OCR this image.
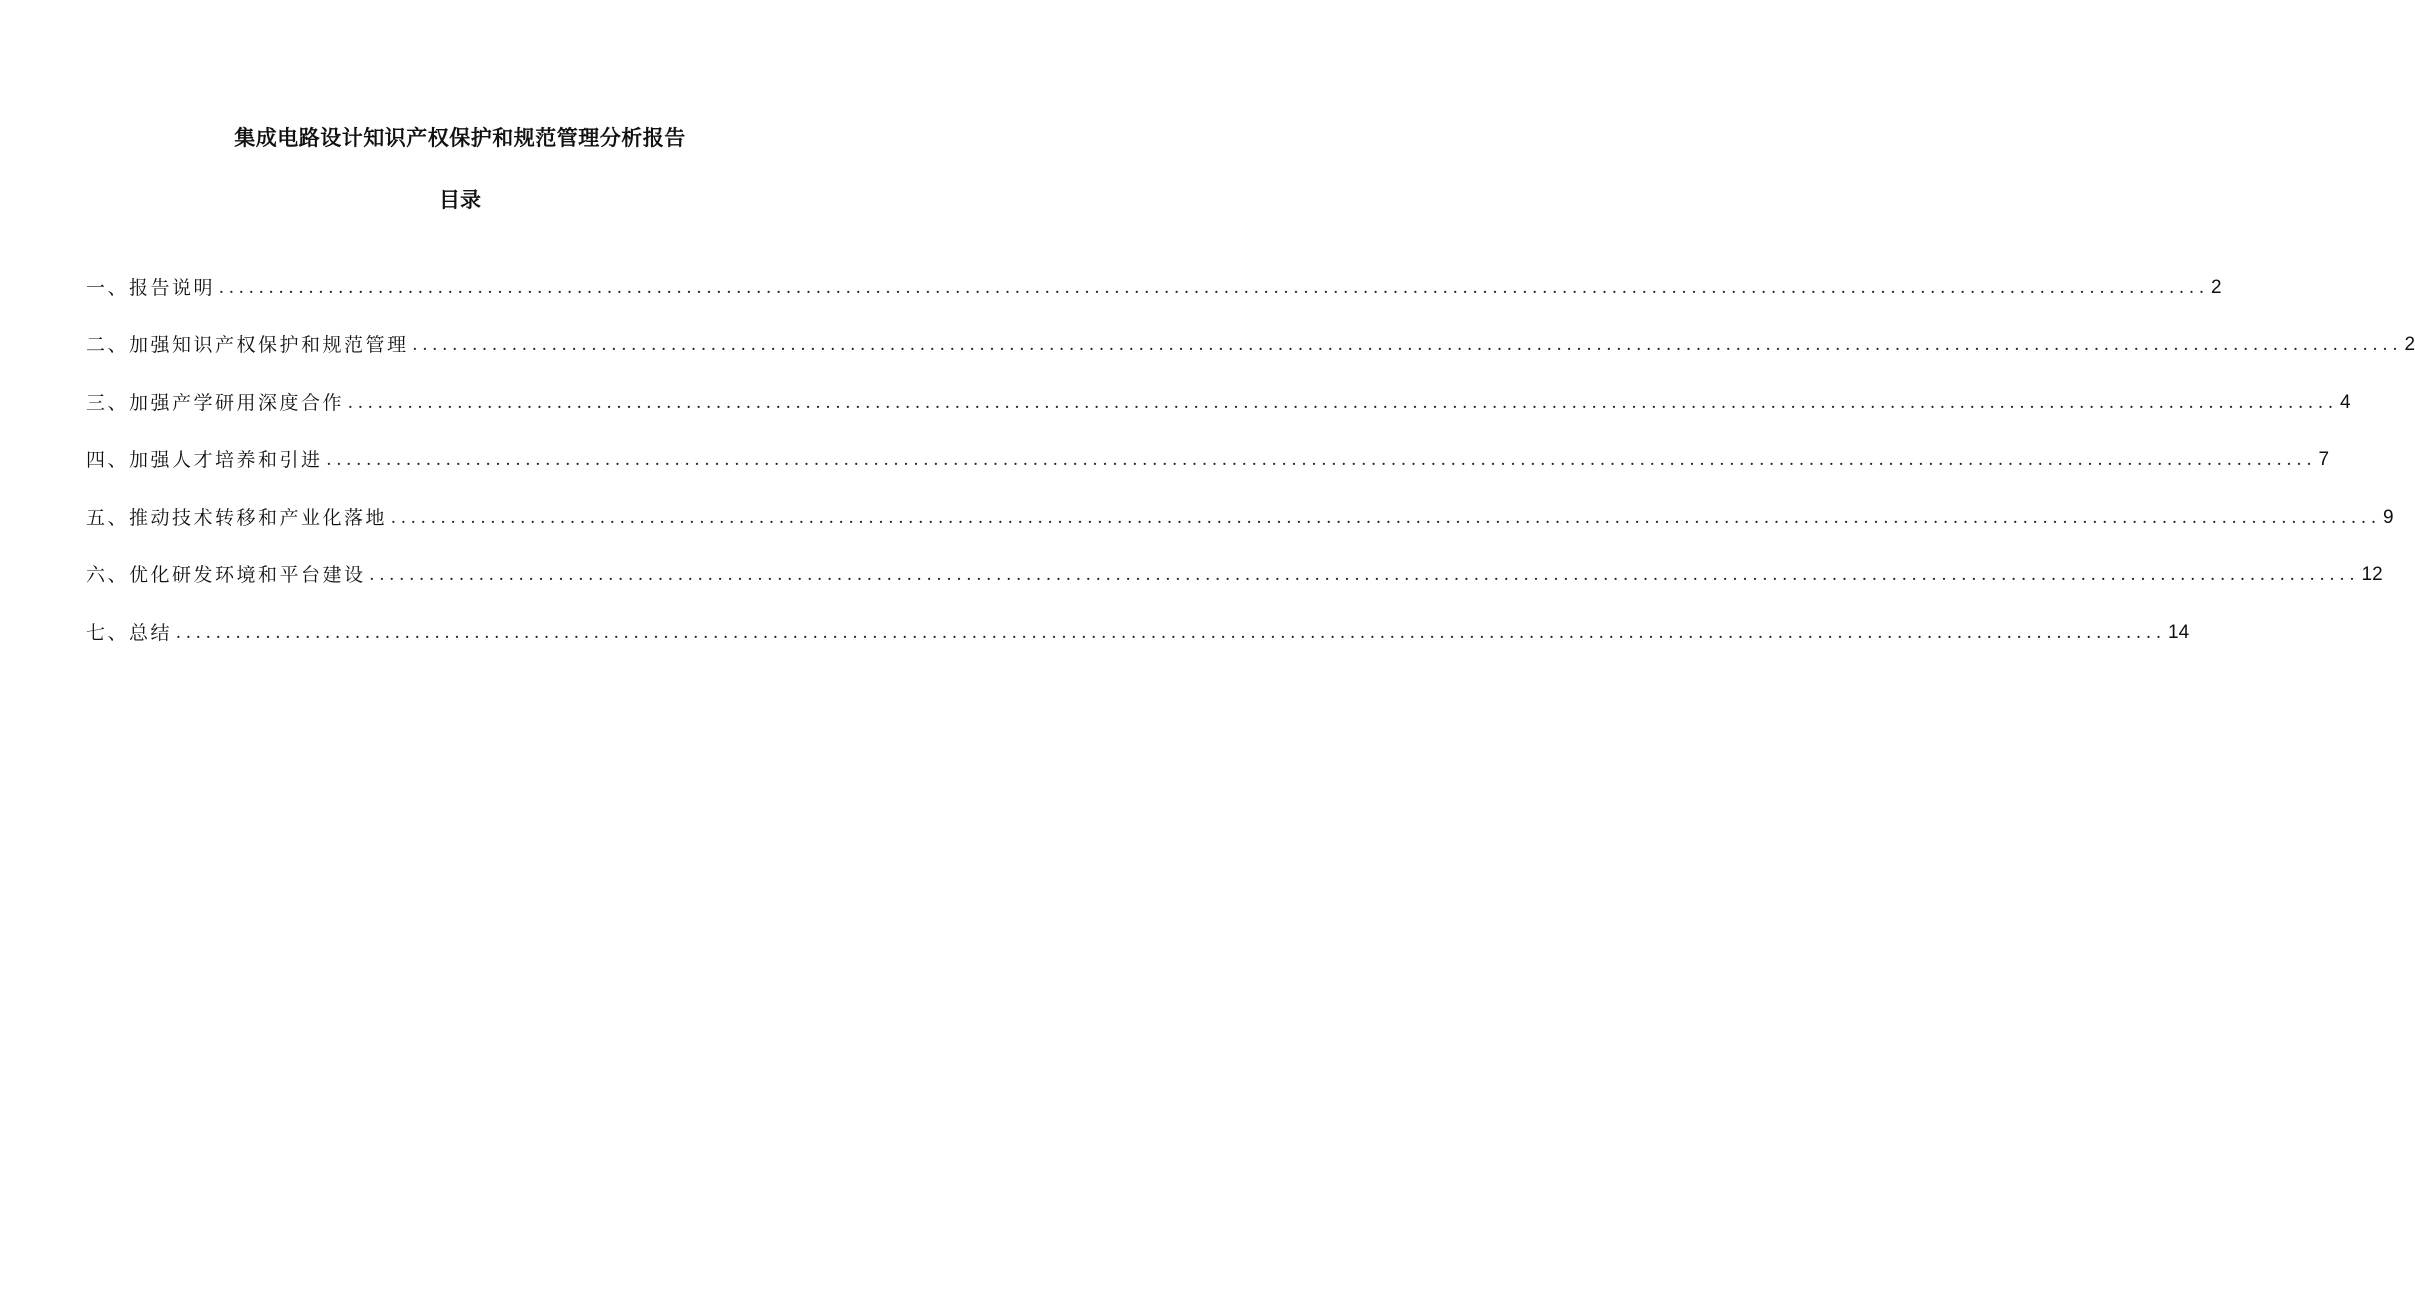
集成电路设计知识产权保护和规范管理分析报告
目录
一、报告说明 ........................................................................................................................................................................................................ 2
二、加强知识产权保护和规范管理 ........................................................................................................................................................................................................ 2
三、加强产学研用深度合作 ........................................................................................................................................................................................................ 4
四、加强人才培养和引进 ........................................................................................................................................................................................................ 7
五、推动技术转移和产业化落地 ........................................................................................................................................................................................................ 9
六、优化研发环境和平台建设 ........................................................................................................................................................................................................ 12
七、总结 ........................................................................................................................................................................................................ 14
